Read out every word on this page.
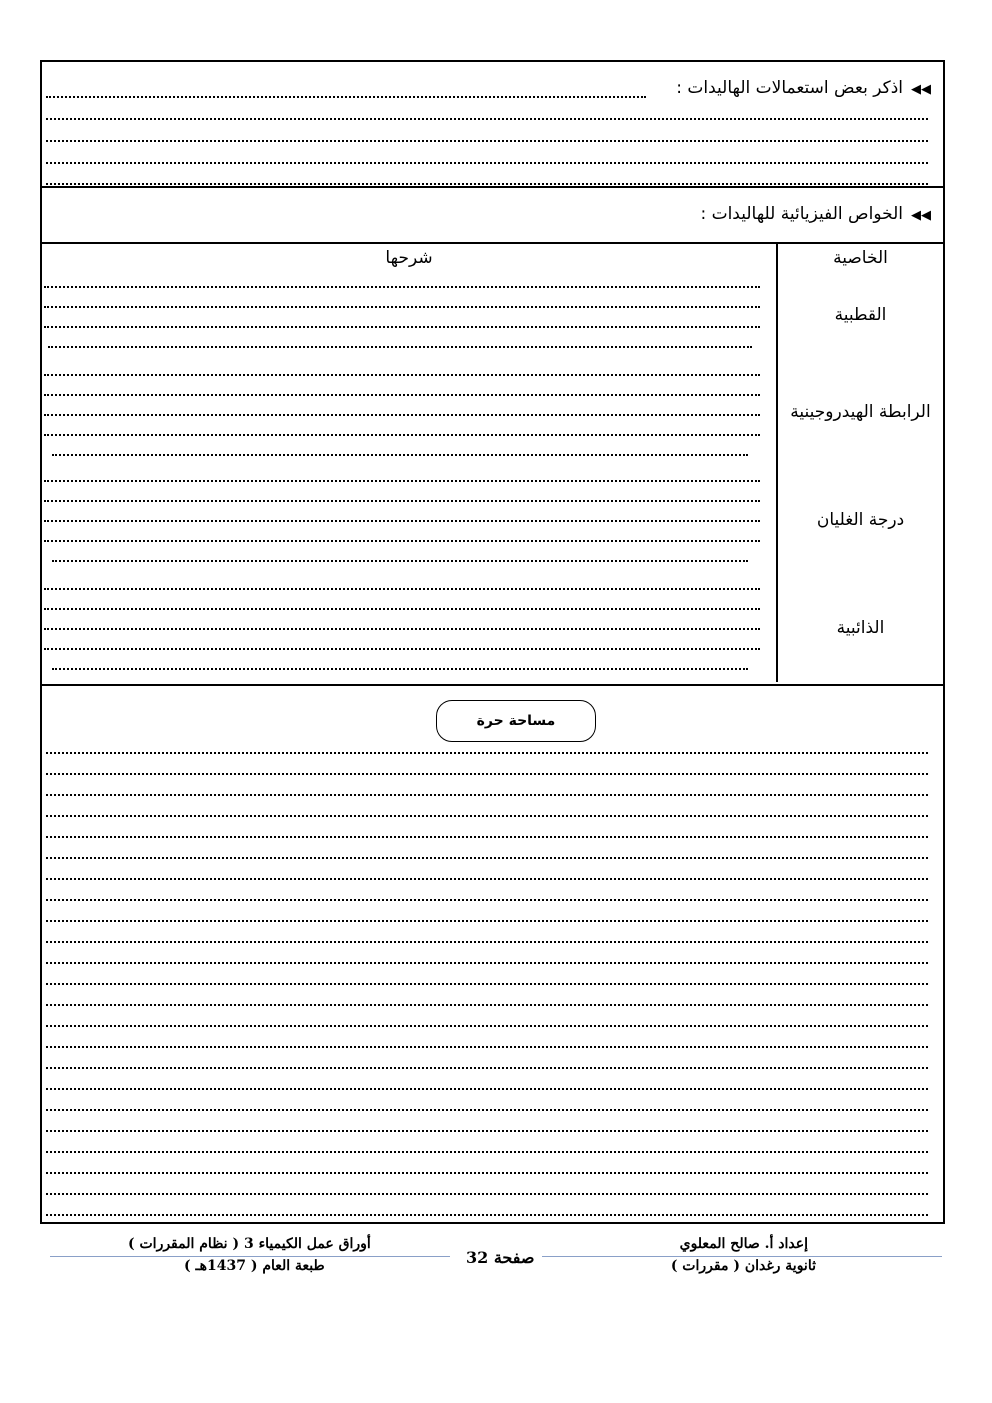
◀◀اذكر بعض استعمالات الهاليدات :
◀◀الخواص الفيزيائية للهاليدات :
الخاصية	شرحها
القطبية	

الرابطة الهيدروجينية	

درجة الغليان	

الذائبية	
مساحة حرة
إعداد أ. صالح المعلوي
ثانوية رغدان ( مقررات )
صفحة 32
أوراق عمل الكيمياء 3 ( نظام المقررات )
طبعة العام ( 1437هـ )
